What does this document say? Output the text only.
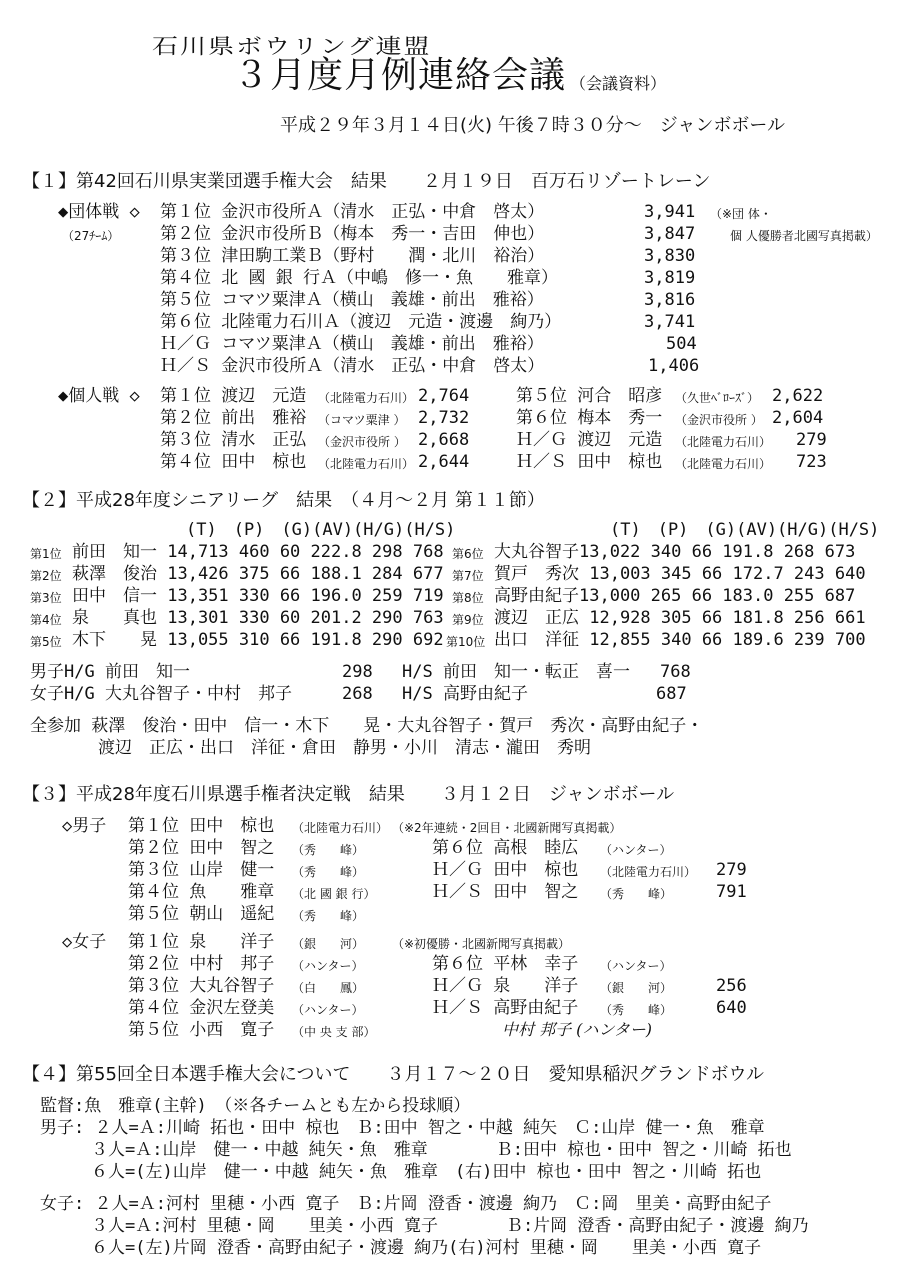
石川県ボウリング連盟
３月度月例連絡会議 （会議資料）
平成２９年３月１４日(火) 午後７時３０分〜　ジャンボボール
【１】第42回石川県実業団選手権大会　結果　　２月１９日　百万石リゾートレーン
◆団体戦 ◇
（27ﾁｰﾑ）
第１位 金沢市役所Ａ（清水　正弘・中倉　啓太）	3,941 （※団 体・
第２位 金沢市役所Ｂ（梅本　秀一・吉田　伸也）	3,847	個 人優勝者北國写真掲載）
第３位 津田駒工業Ｂ（野村　　潤・北川　裕治）	3,830
第４位 北 國 銀 行Ａ（中嶋　修一・魚　　雅章）	3,819
第５位 コマツ粟津Ａ（横山　義雄・前出　雅裕）	3,816
第６位 北陸電力石川Ａ（渡辺　元造・渡邊　絢乃）	3,741
Ｈ／Ｇ コマツ粟津Ａ（横山　義雄・前出　雅裕）	504
Ｈ／Ｓ 金沢市役所Ａ（清水　正弘・中倉　啓太）	1,406
◆個人戦 ◇ 第１位 渡辺　元造 （北陸電力石川） 2,764	第５位 河合　昭彦 （久世ﾍﾞﾛｰｽﾞ） 2,622
第２位 前出　雅裕 （コマツ粟津 ） 2,732	第６位 梅本　秀一 （金沢市役所 ） 2,604
第３位 清水　正弘 （金沢市役所 ） 2,668	Ｈ／Ｇ 渡辺　元造 （北陸電力石川） 279
第４位 田中　椋也 （北陸電力石川） 2,644	Ｈ／Ｓ 田中　椋也 （北陸電力石川） 723
【２】平成28年度シニアリーグ　結果　（４月〜２月 第１１節）
(T)　(P)　(G)(AV)(H/G)(H/S)	(T)　(P)　(G)(AV)(H/G)(H/S)
第1位 前田　知一 14,713 460 60 222.8 298 768 第6位 大丸谷智子13,022 340 66 191.8 268 673
第2位 萩澤　俊治 13,426 375 66 188.1 284 677 第7位 賀戸　秀次 13,003 345 66 172.7 243 640
第3位 田中　信一 13,351 330 66 196.0 259 719 第8位 高野由紀子13,000 265 66 183.0 255 687
第4位 泉　　真也 13,301 330 60 201.2 290 763 第9位 渡辺　正広 12,928 305 66 181.8 256 661
第5位 木下　　晃 13,055 310 66 191.8 290 692 第10位 出口　洋征 12,855 340 66 189.6 239 700
男子H/G 前田　知一	298 H/S 前田　知一・転正　喜一 768
女子H/G 大丸谷智子・中村　邦子	268 H/S 高野由紀子	687
全参加 萩澤　俊治・田中　信一・木下　　晃・大丸谷智子・賀戸　秀次・高野由紀子・
渡辺　正広・出口　洋征・倉田　静男・小川　清志・瀧田　秀明
【３】平成28年度石川県選手権者決定戦　結果　　３月１２日　ジャンボボール
◇男子 第１位 田中　椋也 （北陸電力石川） （※2年連続・2回目・北國新聞写真掲載）
第２位 田中　智之 （秀　　峰）
第３位 山岸　健一 （秀　　峰）
第４位 魚　　雅章 （北 國 銀 行）
第５位 朝山　遥紀 （秀　　峰）
第６位 高根　睦広 （ハンター）
Ｈ／Ｇ 田中　椋也 （北陸電力石川） 279
Ｈ／Ｓ 田中　智之 （秀　　峰）	791
◇女子 第１位 泉　　洋子 （銀　　河） （※初優勝・北國新聞写真掲載）
第２位 中村　邦子 （ハンター）
第３位 大丸谷智子 （白　　鳳）
第４位 金沢左登美 （ハンター）
第５位 小西　寛子 （中 央 支 部）
第６位 平林　幸子 （ハンター）
Ｈ／Ｇ 泉　　洋子 （銀　　河）	256
Ｈ／Ｓ 高野由紀子 （秀　　峰）	640
中村 邦子 (ハンター)
【４】第55回全日本選手権大会について　　３月１７〜２０日　愛知県稲沢グランドボウル
監督:魚　雅章(主幹)　（※各チームとも左から投球順）
男子: ２人=Ａ:川崎 拓也・田中 椋也　Ｂ:田中 智之・中越 純矢　Ｃ:山岸 健一・魚　雅章
　　　３人=Ａ:山岸　健一・中越 純矢・魚　雅章　　　　Ｂ:田中 椋也・田中 智之・川崎 拓也
　　　６人=(左)山岸　健一・中越 純矢・魚　雅章　(右)田中 椋也・田中 智之・川崎 拓也
女子: ２人=Ａ:河村 里穂・小西 寛子　Ｂ:片岡 澄香・渡邊 絢乃　Ｃ:岡　里美・高野由紀子
　　　３人=Ａ:河村 里穂・岡　　里美・小西 寛子　　　　Ｂ:片岡 澄香・高野由紀子・渡邊 絢乃
　　　６人=(左)片岡 澄香・高野由紀子・渡邊 絢乃(右)河村 里穂・岡　　里美・小西 寛子
